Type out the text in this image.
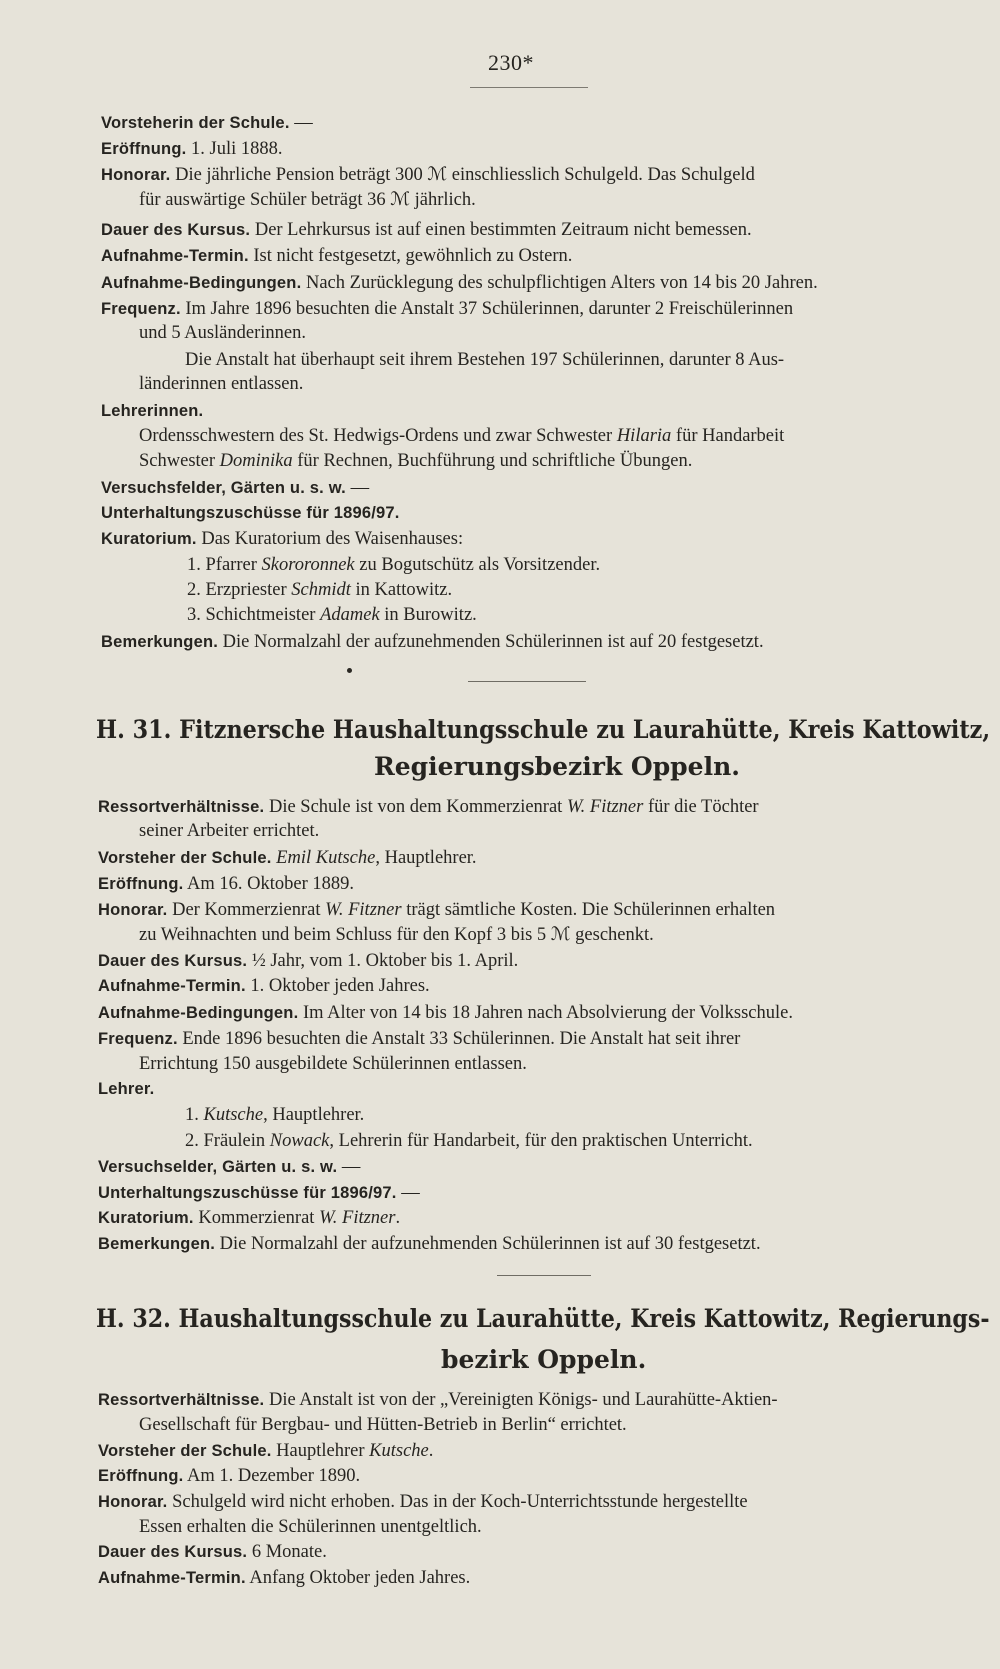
230*
Vorsteherin der Schule. —
Eröffnung. 1. Juli 1888.
Honorar. Die jährliche Pension beträgt 300 ℳ einschliesslich Schulgeld. Das Schulgeld
für auswärtige Schüler beträgt 36 ℳ jährlich.
Dauer des Kursus. Der Lehrkursus ist auf einen bestimmten Zeitraum nicht bemessen.
Aufnahme-Termin. Ist nicht festgesetzt, gewöhnlich zu Ostern.
Aufnahme-Bedingungen. Nach Zurücklegung des schulpflichtigen Alters von 14 bis 20 Jahren.
Frequenz. Im Jahre 1896 besuchten die Anstalt 37 Schülerinnen, darunter 2 Freischülerinnen
und 5 Ausländerinnen.
Die Anstalt hat überhaupt seit ihrem Bestehen 197 Schülerinnen, darunter 8 Aus-
länderinnen entlassen.
Lehrerinnen.
Ordensschwestern des St. Hedwigs-Ordens und zwar Schwester Hilaria für Handarbeit
Schwester Dominika für Rechnen, Buchführung und schriftliche Übungen.
Versuchsfelder, Gärten u. s. w. —
Unterhaltungszuschüsse für 1896/97.
Kuratorium. Das Kuratorium des Waisenhauses:
1. Pfarrer Skororonnek zu Bogutschütz als Vorsitzender.
2. Erzpriester Schmidt in Kattowitz.
3. Schichtmeister Adamek in Burowitz.
Bemerkungen. Die Normalzahl der aufzunehmenden Schülerinnen ist auf 20 festgesetzt.
H. 31. Fitznersche Haushaltungsschule zu Laurahütte, Kreis Kattowitz,
Regierungsbezirk Oppeln.
Ressortverhältnisse. Die Schule ist von dem Kommerzienrat W. Fitzner für die Töchter
seiner Arbeiter errichtet.
Vorsteher der Schule. Emil Kutsche, Hauptlehrer.
Eröffnung. Am 16. Oktober 1889.
Honorar. Der Kommerzienrat W. Fitzner trägt sämtliche Kosten. Die Schülerinnen erhalten
zu Weihnachten und beim Schluss für den Kopf 3 bis 5 ℳ geschenkt.
Dauer des Kursus. ½ Jahr, vom 1. Oktober bis 1. April.
Aufnahme-Termin. 1. Oktober jeden Jahres.
Aufnahme-Bedingungen. Im Alter von 14 bis 18 Jahren nach Absolvierung der Volksschule.
Frequenz. Ende 1896 besuchten die Anstalt 33 Schülerinnen. Die Anstalt hat seit ihrer
Errichtung 150 ausgebildete Schülerinnen entlassen.
Lehrer.
1. Kutsche, Hauptlehrer.
2. Fräulein Nowack, Lehrerin für Handarbeit, für den praktischen Unterricht.
Versuchselder, Gärten u. s. w. —
Unterhaltungszuschüsse für 1896/97. —
Kuratorium. Kommerzienrat W. Fitzner.
Bemerkungen. Die Normalzahl der aufzunehmenden Schülerinnen ist auf 30 festgesetzt.
H. 32. Haushaltungsschule zu Laurahütte, Kreis Kattowitz, Regierungs-
bezirk Oppeln.
Ressortverhältnisse. Die Anstalt ist von der „Vereinigten Königs- und Laurahütte-Aktien-
Gesellschaft für Bergbau- und Hütten-Betrieb in Berlin“ errichtet.
Vorsteher der Schule. Hauptlehrer Kutsche.
Eröffnung. Am 1. Dezember 1890.
Honorar. Schulgeld wird nicht erhoben. Das in der Koch-Unterrichtsstunde hergestellte
Essen erhalten die Schülerinnen unentgeltlich.
Dauer des Kursus. 6 Monate.
Aufnahme-Termin. Anfang Oktober jeden Jahres.
